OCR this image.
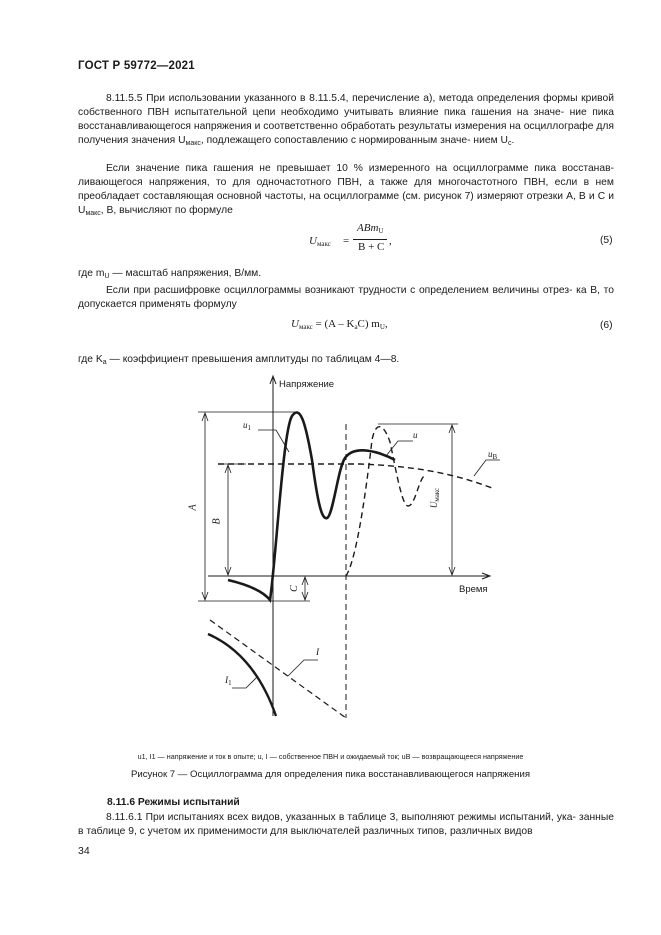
ГОСТ Р 59772—2021
8.11.5.5 При использовании указанного в 8.11.5.4, перечисление а), метода определения формы кривой собственного ПВН испытательной цепи необходимо учитывать влияние пика гашения на значе- ние пика восстанавливающегося напряжения и соответственно обработать результаты измерения на осциллографе для получения значения $U_{макс}$, подлежащего сопоставлению с нормированным значе- нием $U_c$.
Если значение пика гашения не превышает 10 % измеренного на осциллограмме пика восстанав- ливающегося напряжения, то для одночастотного ПВН, а также для многочастотного ПВН, если в нем преобладает составляющая основной частоты, на осциллограмме (см. рисунок 7) измеряют отрезки A, B и C и $U_{макс}$, B, вычисляют по формуле
$U_{макс}$ =
ABm$_U$
B + C ,	(5)
где $m_U$ — масштаб напряжения, В/мм.
Если при расшифровке осциллограммы возникают трудности с определением величины отрез- ка B, то допускается применять формулу
$U_{макс} = (A - K_aC)$ $m_U$,	(6)
где $K_a$ — коэффициент превышения амплитуды по таблицам 4—8.
Напряжение
Время
$u_1$
u
$u_B$
A
B
C
$U_{макс}$
I
$I_1$
u1, I1 — напряжение и ток в опыте; u, I — собственное ПВН и ожидаемый ток; uB — возвращающееся напряжение
Рисунок 7 — Осциллограмма для определения пика восстанавливающегося напряжения
8.11.6 Режимы испытаний
8.11.6.1 При испытаниях всех видов, указанных в таблице 3, выполняют режимы испытаний, ука- занные в таблице 9, с учетом их применимости для выключателей различных типов, различных видов
34
